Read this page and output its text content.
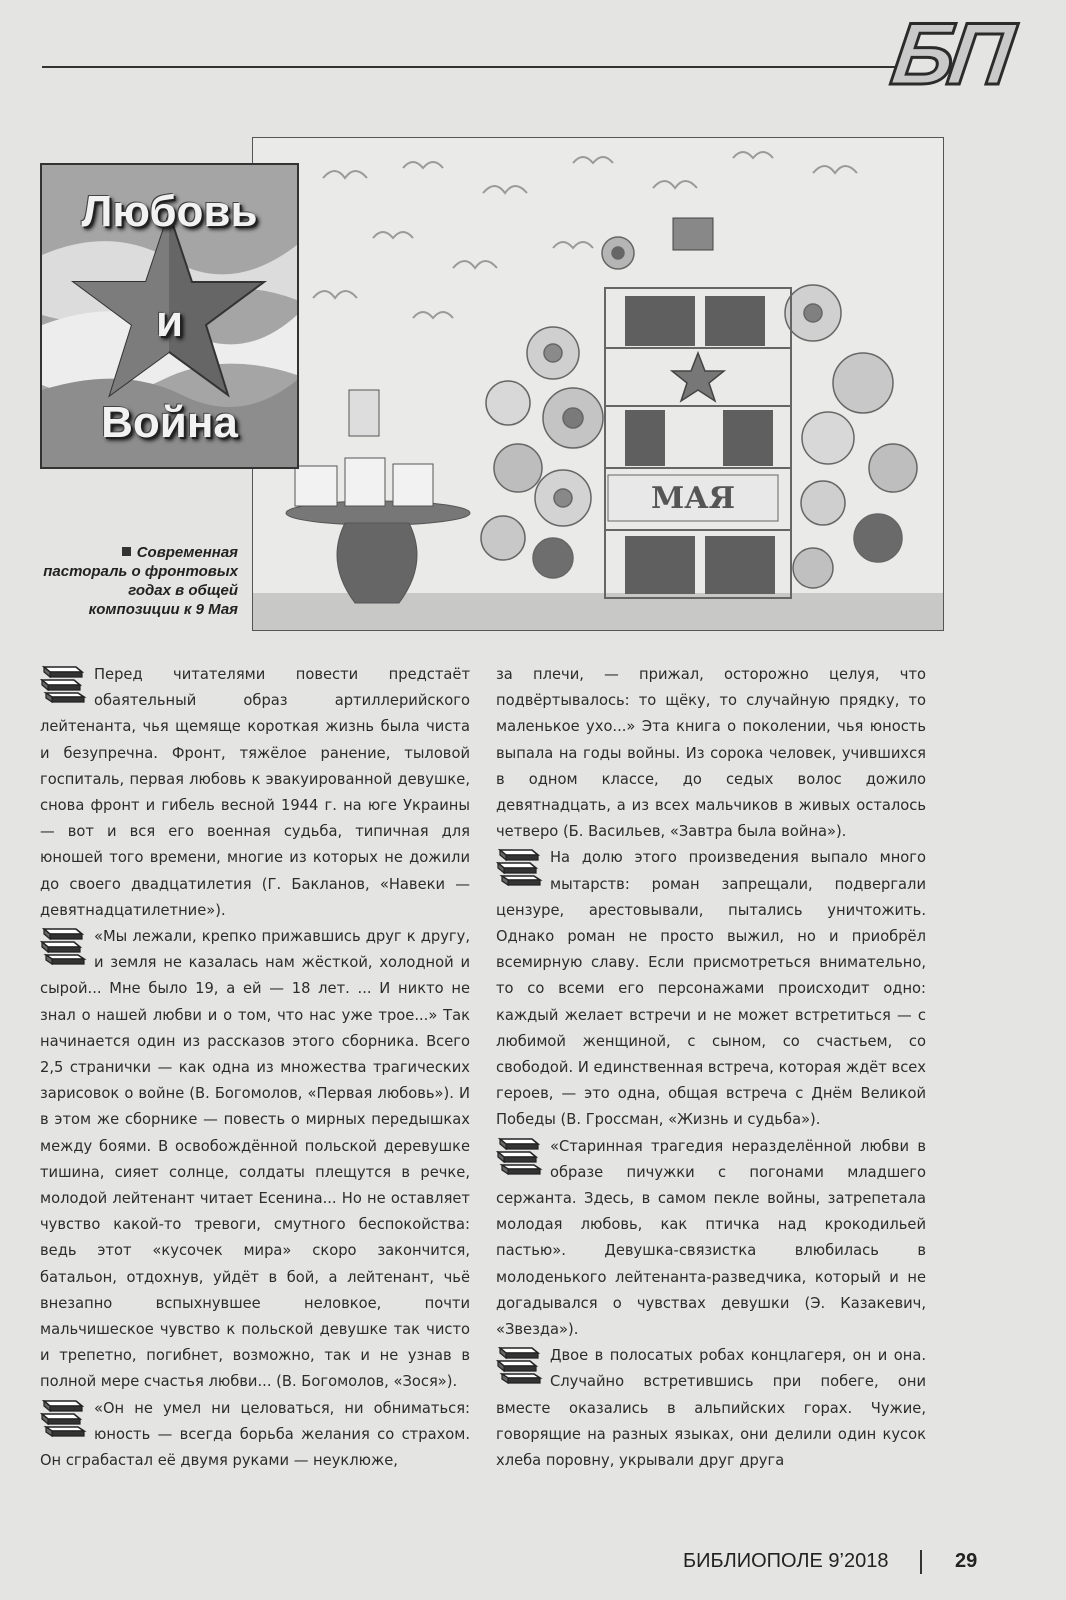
БП
МАЯ
Любовь
и
Война
Современная пастораль о фронтовых годах в общей композиции к 9 Мая

Перед читателями повести предстаёт обаятельный образ артиллерийского лейтенанта, чья щемяще короткая жизнь была чиста и безупречна. Фронт, тяжёлое ранение, тыловой госпиталь, первая любовь к эвакуированной девушке, снова фронт и гибель весной 1944 г. на юге Украины — вот и вся его военная судьба, типичная для юношей того времени, многие из которых не дожили до своего двадцатилетия (Г. Бакланов, «Навеки — девятнадцатилетние»).

«Мы лежали, крепко прижавшись друг к другу, и земля не казалась нам жёсткой, холодной и сырой... Мне было 19, а ей — 18 лет. ... И никто не знал о нашей любви и о том, что нас уже трое...» Так начинается один из рассказов этого сборника. Всего 2,5 странички — как одна из множества трагических зарисовок о войне (В. Богомолов, «Первая любовь»). И в этом же сборнике — повесть о мирных передышках между боями. В освобождённой польской деревушке тишина, сияет солнце, солдаты плещутся в речке, молодой лейтенант читает Есенина... Но не оставляет чувство какой-то тревоги, смутного беспокойства: ведь этот «кусочек мира» скоро закончится, батальон, отдохнув, уйдёт в бой, а лейтенант, чьё внезапно вспыхнувшее неловкое, почти мальчишеское чувство к польской девушке так чисто и трепетно, погибнет, возможно, так и не узнав в полной мере счастья любви... (В. Богомолов, «Зося»).

«Он не умел ни целоваться, ни обниматься: юность — всегда борьба желания со страхом. Он сграбастал её двумя руками — неуклюже,

за плечи, — прижал, осторожно целуя, что подвёртывалось: то щёку, то случайную прядку, то маленькое ухо...» Эта книга о поколении, чья юность выпала на годы войны. Из сорока человек, учившихся в одном классе, до седых волос дожило девятнадцать, а из всех мальчиков в живых осталось четверо (Б. Васильев, «Завтра была война»).

На долю этого произведения выпало много мытарств: роман запрещали, подвергали цензуре, арестовывали, пытались уничтожить. Однако роман не просто выжил, но и приобрёл всемирную славу. Если присмотреться внимательно, то со всеми его персонажами происходит одно: каждый желает встречи и не может встретиться — с любимой женщиной, с сыном, со счастьем, со свободой. И единственная встреча, которая ждёт всех героев, — это одна, общая встреча с Днём Великой Победы (В. Гроссман, «Жизнь и судьба»).

«Старинная трагедия неразделённой любви в образе пичужки с погонами младшего сержанта. Здесь, в самом пекле войны, затрепетала молодая любовь, как птичка над крокодильей пастью». Девушка-связистка влюбилась в молоденького лейтенанта-разведчика, который и не догадывался о чувствах девушки (Э. Казакевич, «Звезда»).

Двое в полосатых робах концлагеря, он и она. Случайно встретившись при побеге, они вместе оказались в альпийских горах. Чужие, говорящие на разных языках, они делили один кусок хлеба поровну, укрывали друг друга

БИБЛИОПОЛЕ 9’2018	29
